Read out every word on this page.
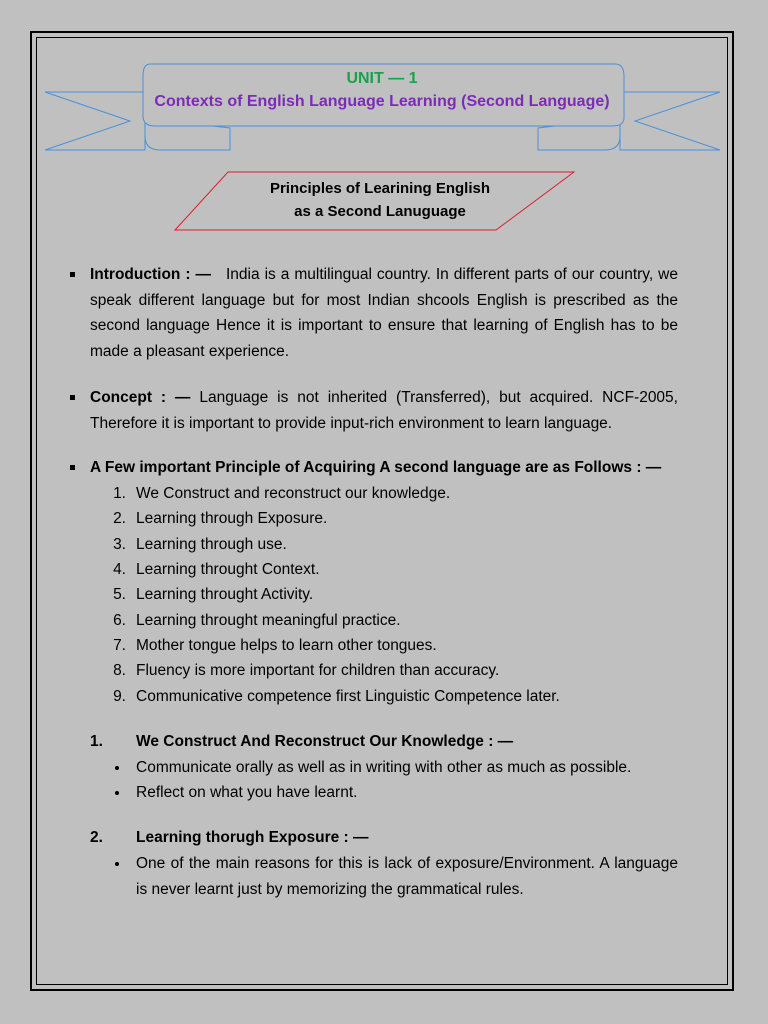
UNIT — 1
Contexts of English Language Learning (Second Language)
Principles of Learining English
as a Second Lanuguage
Introduction : — India is a multilingual country. In different parts of our country, we speak different language but for most Indian shcools English is prescribed as the second language Hence it is important to ensure that learning of English has to be made a pleasant experience.
Concept : — Language is not inherited (Transferred), but acquired. NCF-2005, Therefore it is important to provide input-rich environment to learn language.
A Few important Principle of Acquiring A second language are as Follows : —
1. We Construct and reconstruct our knowledge.
2. Learning through Exposure.
3. Learning through use.
4. Learning throught Context.
5. Learning throught Activity.
6. Learning throught meaningful practice.
7. Mother tongue helps to learn other tongues.
8. Fluency is more important for children than accuracy.
9. Communicative competence first Linguistic Competence later.
1. We Construct And Reconstruct Our Knowledge : —
Communicate orally as well as in writing with other as much as possible.
Reflect on what you have learnt.
2. Learning thorugh Exposure : —
One of the main reasons for this is lack of exposure/Environment. A language is never learnt just by memorizing the grammatical rules.
